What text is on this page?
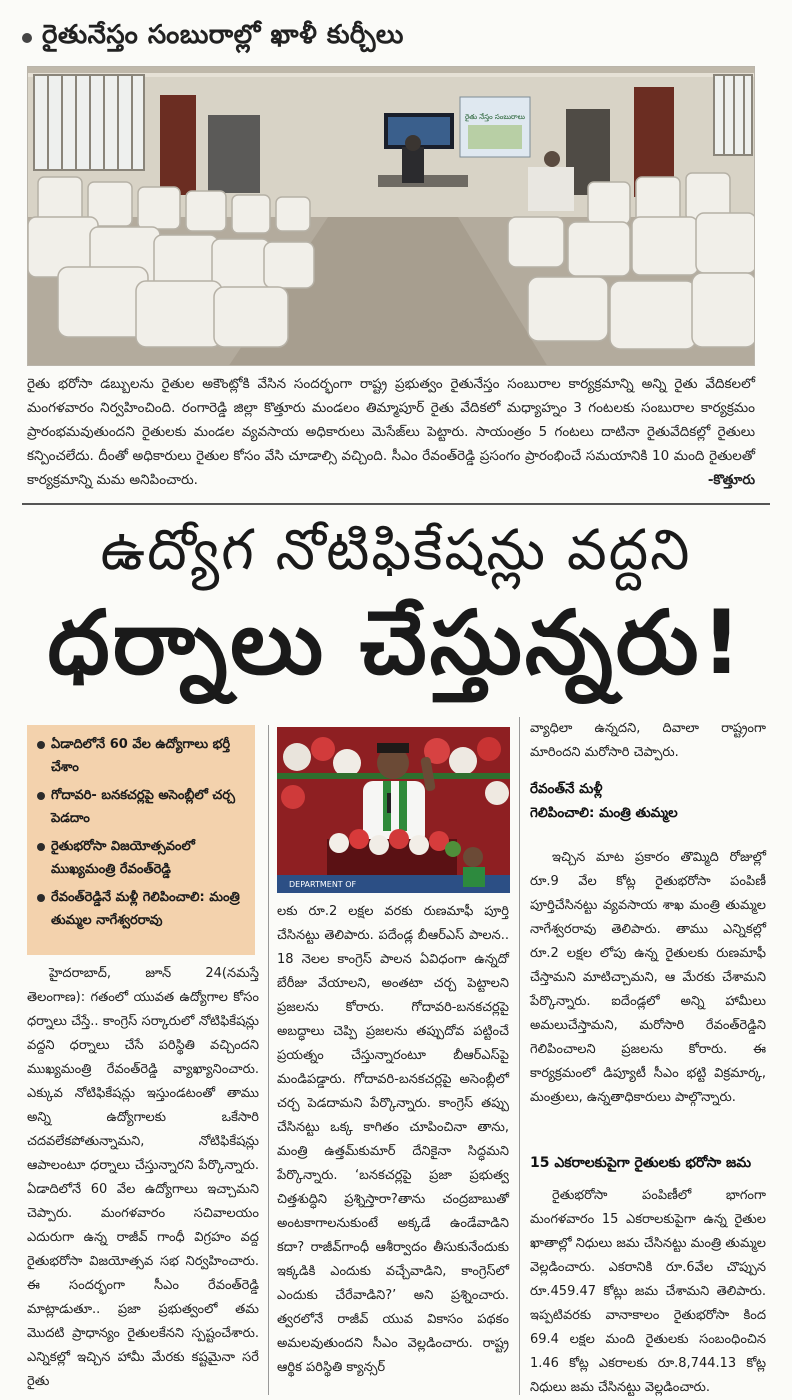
రైతునేస్తం సంబురాల్లో ఖాళీ కుర్చీలు
రైతు నేస్తం సంబురాలు
రైతు భరోసా డబ్బులను రైతుల అకౌంట్లోకి వేసిన సందర్భంగా రాష్ట్ర ప్రభుత్వం రైతునేస్తం సంబురాల కార్యక్రమాన్ని అన్ని రైతు వేదికలలో మంగళవారం నిర్వహించింది. రంగారెడ్డి జిల్లా కొత్తూరు మండలం తిమ్మాపూర్ రైతు వేదికలో మధ్యాహ్నం 3 గంటలకు సంబురాల కార్యక్రమం ప్రారంభమవుతుందని రైతులకు మండల వ్యవసాయ అధికారులు మెసేజ్‌లు పెట్టారు. సాయంత్రం 5 గంటలు దాటినా రైతువేదికల్లో రైతులు కన్పించలేదు. దీంతో అధికారులు రైతుల కోసం వేసి చూడాల్సి వచ్చింది. సీఎం రేవంత్‌రెడ్డి ప్రసంగం ప్రారంభించే సమయానికి 10 మంది రైతులతో కార్యక్రమాన్ని మమ అనిపించారు.	-కొత్తూరు
ఉద్యోగ నోటిఫికేషన్లు వద్దని
ధర్నాలు చేస్తున్నరు!
ఏడాదిలోనే 60 వేల ఉద్యోగాలు భర్తీ చేశాం
గోదావరి- బనకచర్లపై అసెంబ్లీలో చర్చ పెడదాం
రైతుభరోసా విజయోత్సవంలో ముఖ్యమంత్రి రేవంత్‌రెడ్డి
రేవంత్‌రెడ్డినే మళ్లీ గెలిపించాలి: మంత్రి తుమ్మల నాగేశ్వరరావు
DEPARTMENT OF

హైదరాబాద్, జూన్ 24(నమస్తే తెలంగాణ): గతంలో యువత ఉద్యోగాల కోసం ధర్నాలు చేస్తే.. కాంగ్రెస్ సర్కారులో నోటిఫికేషన్లు వద్దని ధర్నాలు చేసే పరిస్థితి వచ్చిందని ముఖ్యమంత్రి రేవంత్‌రెడ్డి వ్యాఖ్యానించారు. ఎక్కువ నోటిఫికేషన్లు ఇస్తుండటంతో తాము అన్ని ఉద్యోగాలకు ఒకేసారి చదవలేకపోతున్నామని, నోటిఫికేషన్లు ఆపాలంటూ ధర్నాలు చేస్తున్నారని పేర్కొన్నారు. ఏడాదిలోనే 60 వేల ఉద్యోగాలు ఇచ్చామని చెప్పారు. మంగళవారం సచివాలయం ఎదురుగా ఉన్న రాజీవ్ గాంధీ విగ్రహం వద్ద రైతుభరోసా విజయోత్సవ సభ నిర్వహించారు. ఈ సందర్భంగా సీఎం రేవంత్‌రెడ్డి మాట్లాడుతూ.. ప్రజా ప్రభుత్వంలో తమ మొదటి ప్రాధాన్యం రైతులకేనని స్పష్టంచేశారు. ఎన్నికల్లో ఇచ్చిన హామీ మేరకు కష్టమైనా సరే రైతు

లకు రూ.2 లక్షల వరకు రుణమాఫీ పూర్తి చేసినట్టు తెలిపారు. పదేండ్ల బీఆర్‌ఎస్ పాలన.. 18 నెలల కాంగ్రెస్ పాలన ఏవిధంగా ఉన్నదో బేరీజు వేయాలని, అంతటా చర్చ పెట్టాలని ప్రజలను కోరారు. గోదావరి-బనకచర్లపై అబద్ధాలు చెప్పి ప్రజలను తప్పుదోవ పట్టించే ప్రయత్నం చేస్తున్నారంటూ బీఆర్‌ఎస్‌పై మండిపడ్డారు. గోదావరి-బనకచర్లపై అసెంబ్లీలో చర్చ పెడదామని పేర్కొన్నారు. కాంగ్రెస్ తప్పు చేసినట్టు ఒక్క కాగితం చూపించినా తాను, మంత్రి ఉత్తమ్‌కుమార్ దేనికైనా సిద్ధమని పేర్కొన్నారు. ‘బనకచర్లపై ప్రజా ప్రభుత్వ చిత్తశుద్ధిని ప్రశ్నిస్తారా?తాను చంద్రబాబుతో అంటకాగాలనుకుంటే అక్కడే ఉండేవాడిని కదా? రాజీవ్‌గాంధీ ఆశీర్వాదం తీసుకునేందుకు ఇక్కడికి ఎందుకు వచ్చేవాడిని, కాంగ్రెస్‌లో ఎందుకు చేరేవాడిని?’ అని ప్రశ్నించారు. త్వరలోనే రాజీవ్ యువ వికాసం పథకం అమలవుతుందని సీఎం వెల్లడించారు. రాష్ట్ర ఆర్థిక పరిస్థితి క్యాన్సర్

వ్యాధిలా ఉన్నదని, దివాలా రాష్ట్రంగా మారిందని మరోసారి చెప్పారు.

రేవంత్‌నే మళ్లీ
గెలిపించాలి: మంత్రి తుమ్మల

ఇచ్చిన మాట ప్రకారం తొమ్మిది రోజుల్లో రూ.9 వేల కోట్ల రైతుభరోసా పంపిణీ పూర్తిచేసినట్టు వ్యవసాయ శాఖ మంత్రి తుమ్మల నాగేశ్వరరావు తెలిపారు. తాము ఎన్నికల్లో రూ.2 లక్షల లోపు ఉన్న రైతులకు రుణమాఫీ చేస్తామని మాటిచ్చామని, ఆ మేరకు చేశామని పేర్కొన్నారు. ఐదేండ్లలో అన్ని హామీలు అమలుచేస్తామని, మరోసారి రేవంత్‌రెడ్డిని గెలిపించాలని ప్రజలను కోరారు. ఈ కార్యక్రమంలో డిప్యూటీ సీఎం భట్టి విక్రమార్క, మంత్రులు, ఉన్నతాధికారులు పాల్గొన్నారు.

15 ఎకరాలకుపైగా రైతులకు భరోసా జమ

రైతుభరోసా పంపిణీలో భాగంగా మంగళవారం 15 ఎకరాలకుపైగా ఉన్న రైతుల ఖాతాల్లో నిధులు జమ చేసినట్టు మంత్రి తుమ్మల వెల్లడించారు. ఎకరానికి రూ.6వేల చొప్పున రూ.459.47 కోట్లు జమ చేశామని తెలిపారు. ఇప్పటివరకు వానాకాలం రైతుభరోసా కింద 69.4 లక్షల మంది రైతులకు సంబంధించిన 1.46 కోట్ల ఎకరాలకు రూ.8,744.13 కోట్ల నిధులు జమ చేసినట్టు వెల్లడించారు.
